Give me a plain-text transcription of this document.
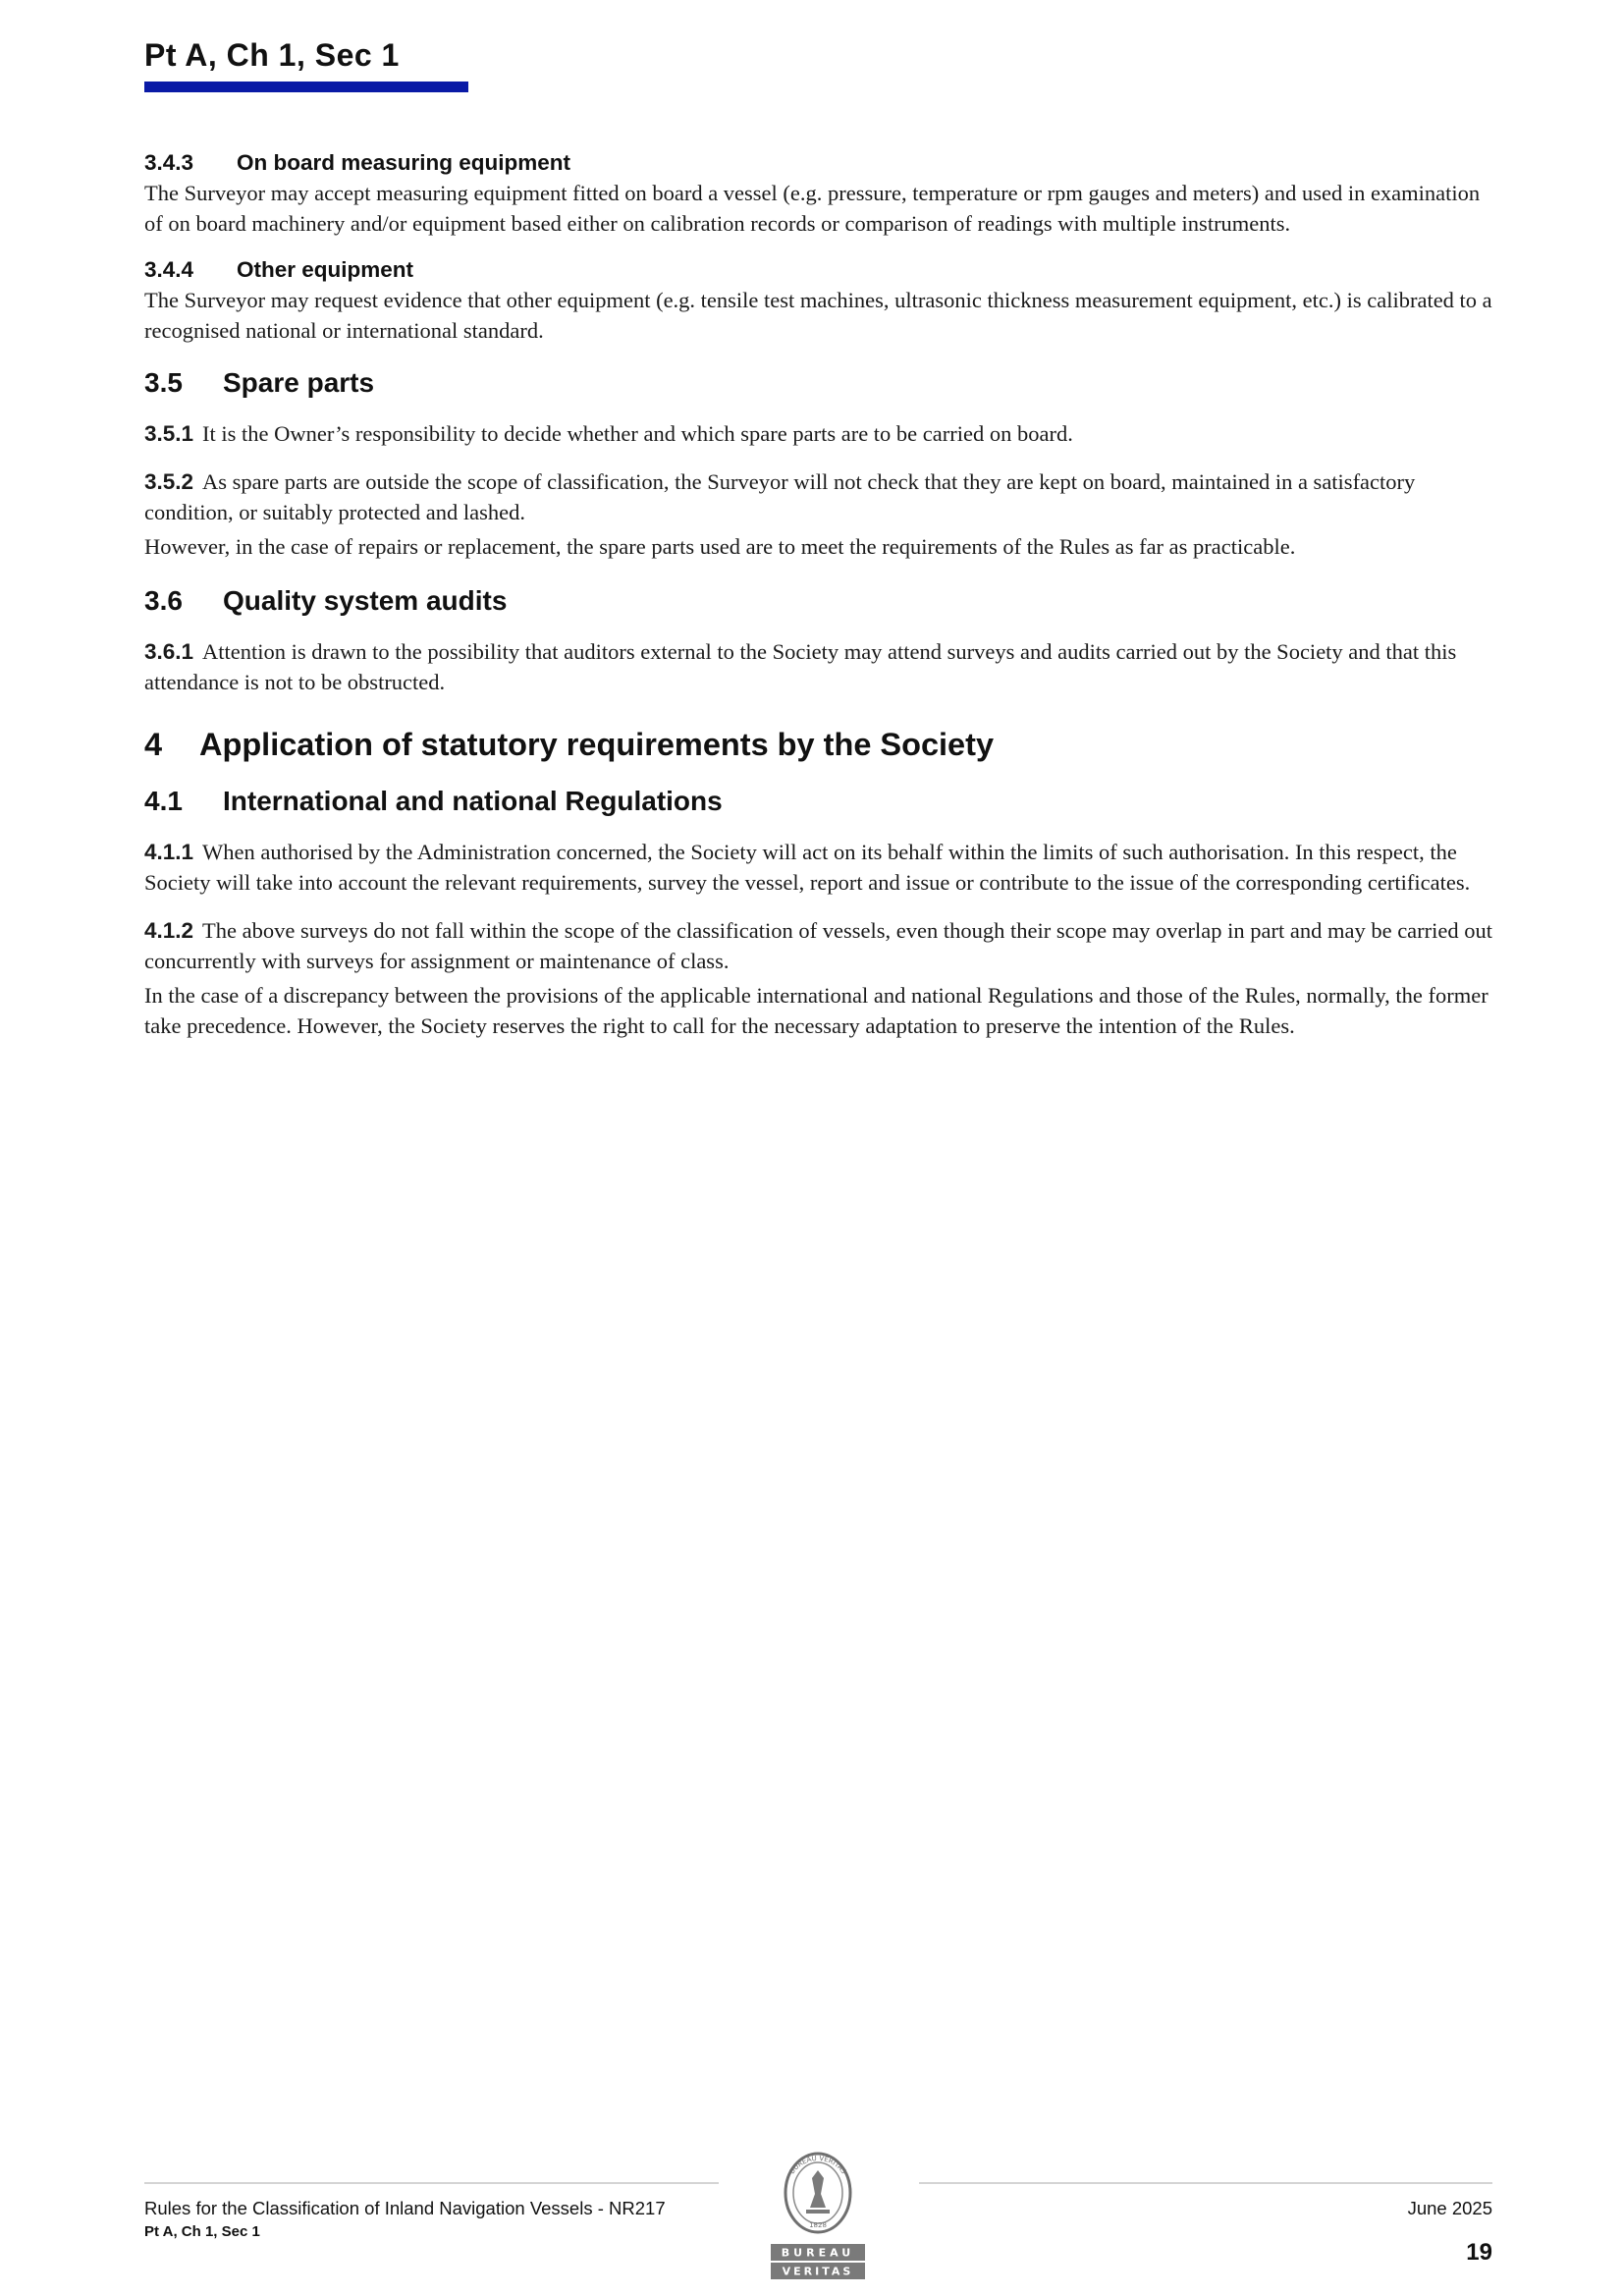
Pt A, Ch 1, Sec 1
3.4.3 On board measuring equipment

The Surveyor may accept measuring equipment fitted on board a vessel (e.g. pressure, temperature or rpm gauges and meters) and used in examination of on board machinery and/or equipment based either on calibration records or comparison of readings with multiple instruments.

3.4.4 Other equipment

The Surveyor may request evidence that other equipment (e.g. tensile test machines, ultrasonic thickness measurement equipment, etc.) is calibrated to a recognised national or international standard.

3.5 Spare parts

3.5.1 It is the Owner’s responsibility to decide whether and which spare parts are to be carried on board.

3.5.2 As spare parts are outside the scope of classification, the Surveyor will not check that they are kept on board, maintained in a satisfactory condition, or suitably protected and lashed.

However, in the case of repairs or replacement, the spare parts used are to meet the requirements of the Rules as far as practicable.

3.6 Quality system audits

3.6.1 Attention is drawn to the possibility that auditors external to the Society may attend surveys and audits carried out by the Society and that this attendance is not to be obstructed.

4 Application of statutory requirements by the Society
4.1 International and national Regulations

4.1.1 When authorised by the Administration concerned, the Society will act on its behalf within the limits of such authorisation. In this respect, the Society will take into account the relevant requirements, survey the vessel, report and issue or contribute to the issue of the corresponding certificates.

4.1.2 The above surveys do not fall within the scope of the classification of vessels, even though their scope may overlap in part and may be carried out concurrently with surveys for assignment or maintenance of class.

In the case of a discrepancy between the provisions of the applicable international and national Regulations and those of the Rules, normally, the former take precedence. However, the Society reserves the right to call for the necessary adaptation to preserve the intention of the Rules.

Rules for the Classification of Inland Navigation Vessels - NR217
Pt A, Ch 1, Sec 1
June 2025
19
BUREAU VERITAS
1828
BUREAU
VERITAS
